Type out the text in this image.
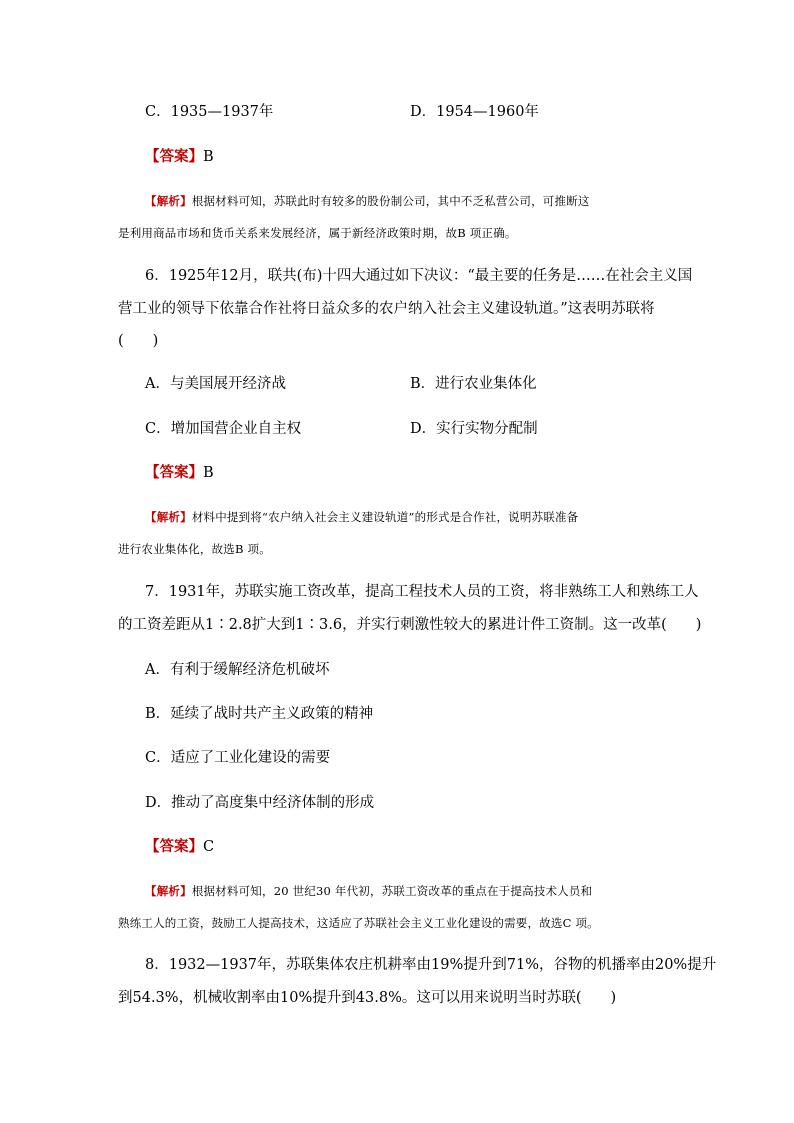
C．1935—1937年	D．1954—1960年
【答案】B
【解析】根据材料可知，苏联此时有较多的股份制公司，其中不乏私营公司，可推断这
是利用商品市场和货币关系来发展经济，属于新经济政策时期，故B 项正确。
6．1925年12月，联共(布)十四大通过如下决议：“最主要的任务是……在社会主义国
营工业的领导下依靠合作社将日益众多的农户纳入社会主义建设轨道。”这表明苏联将
(　　)
A．与美国展开经济战	B．进行农业集体化
C．增加国营企业自主权	D．实行实物分配制
【答案】B
【解析】材料中提到将“农户纳入社会主义建设轨道”的形式是合作社，说明苏联准备
进行农业集体化，故选B 项。
7．1931年，苏联实施工资改革，提高工程技术人员的工资，将非熟练工人和熟练工人
的工资差距从1∶2.8扩大到1∶3.6，并实行刺激性较大的累进计件工资制。这一改革(　　)
A．有利于缓解经济危机破坏
B．延续了战时共产主义政策的精神
C．适应了工业化建设的需要
D．推动了高度集中经济体制的形成
【答案】C
【解析】根据材料可知，20 世纪30 年代初，苏联工资改革的重点在于提高技术人员和
熟练工人的工资，鼓励工人提高技术，这适应了苏联社会主义工业化建设的需要，故选C 项。
8．1932—1937年，苏联集体农庄机耕率由19%提升到71%，谷物的机播率由20%提升
到54.3%，机械收割率由10%提升到43.8%。这可以用来说明当时苏联(　　)
